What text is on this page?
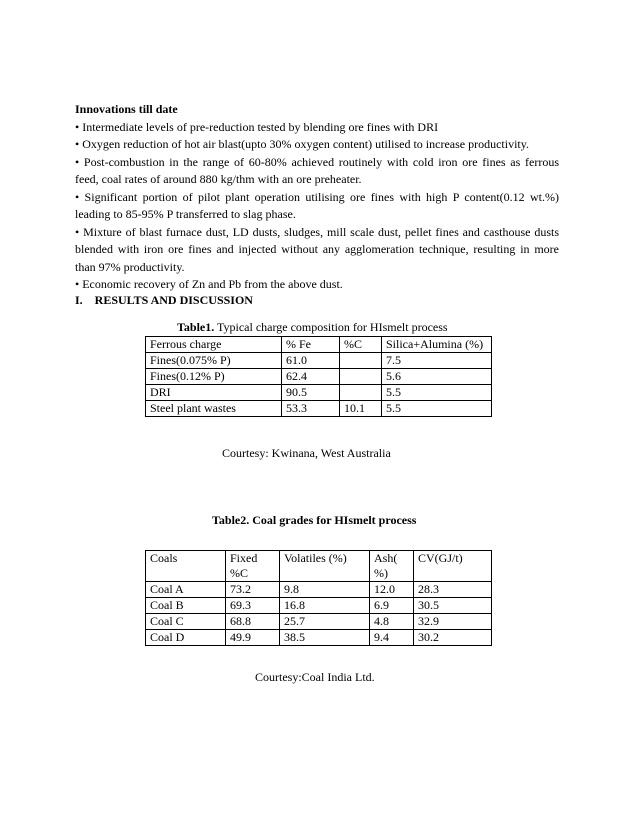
Innovations till date
• Intermediate levels of pre-reduction tested by blending ore fines with DRI
• Oxygen reduction of hot air blast(upto 30% oxygen content) utilised to increase productivity.
• Post-combustion in the range of 60-80% achieved routinely with cold iron ore fines as ferrous feed, coal rates of around 880 kg/thm with an ore preheater.
• Significant portion of pilot plant operation utilising ore fines with high P content(0.12 wt.%) leading to 85-95% P transferred to slag phase.
• Mixture of blast furnace dust, LD dusts, sludges, mill scale dust, pellet fines and casthouse dusts blended with iron ore fines and injected without any agglomeration technique, resulting in more than 97% productivity.
• Economic recovery of Zn and Pb from the above dust.
I. RESULTS AND DISCUSSION
Table1. Typical charge composition for HIsmelt process
Ferrous charge	% Fe	%C	Silica+Alumina (%)
Fines(0.075% P)	61.0		7.5
Fines(0.12% P)	62.4		5.6
DRI	90.5		5.5
Steel plant wastes	53.3	10.1	5.5
Courtesy: Kwinana, West Australia
Table2. Coal grades for HIsmelt process
Coals	Fixed %C	Volatiles (%)	Ash( %)	CV(GJ/t)
Coal A	73.2	9.8	12.0	28.3
Coal B	69.3	16.8	6.9	30.5
Coal C	68.8	25.7	4.8	32.9
Coal D	49.9	38.5	9.4	30.2
Courtesy:Coal India Ltd.
